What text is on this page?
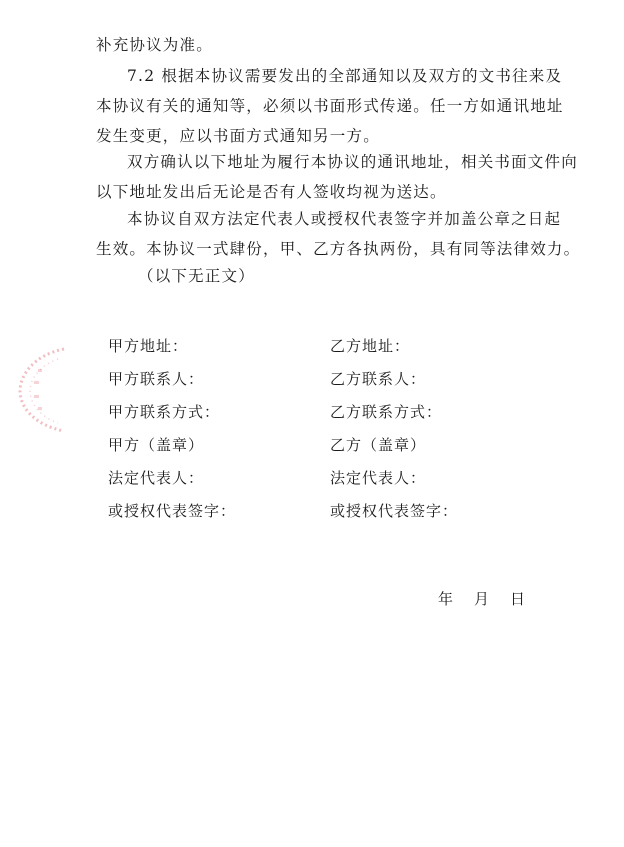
补充协议为准。

7.2 根据本协议需要发出的全部通知以及双方的文书往来及
本协议有关的通知等，必须以书面形式传递。任一方如通讯地址
发生变更，应以书面方式通知另一方。

双方确认以下地址为履行本协议的通讯地址，相关书面文件向
以下地址发出后无论是否有人签收均视为送达。

本协议自双方法定代表人或授权代表签字并加盖公章之日起
生效。本协议一式肆份，甲、乙方各执两份，具有同等法律效力。

（以下无正文）

甲方地址：
甲方联系人：
甲方联系方式：
甲方（盖章）
法定代表人：
或授权代表签字：
乙方地址：
乙方联系人：
乙方联系方式：
乙方（盖章）
法定代表人：
或授权代表签字：
年 月 日
